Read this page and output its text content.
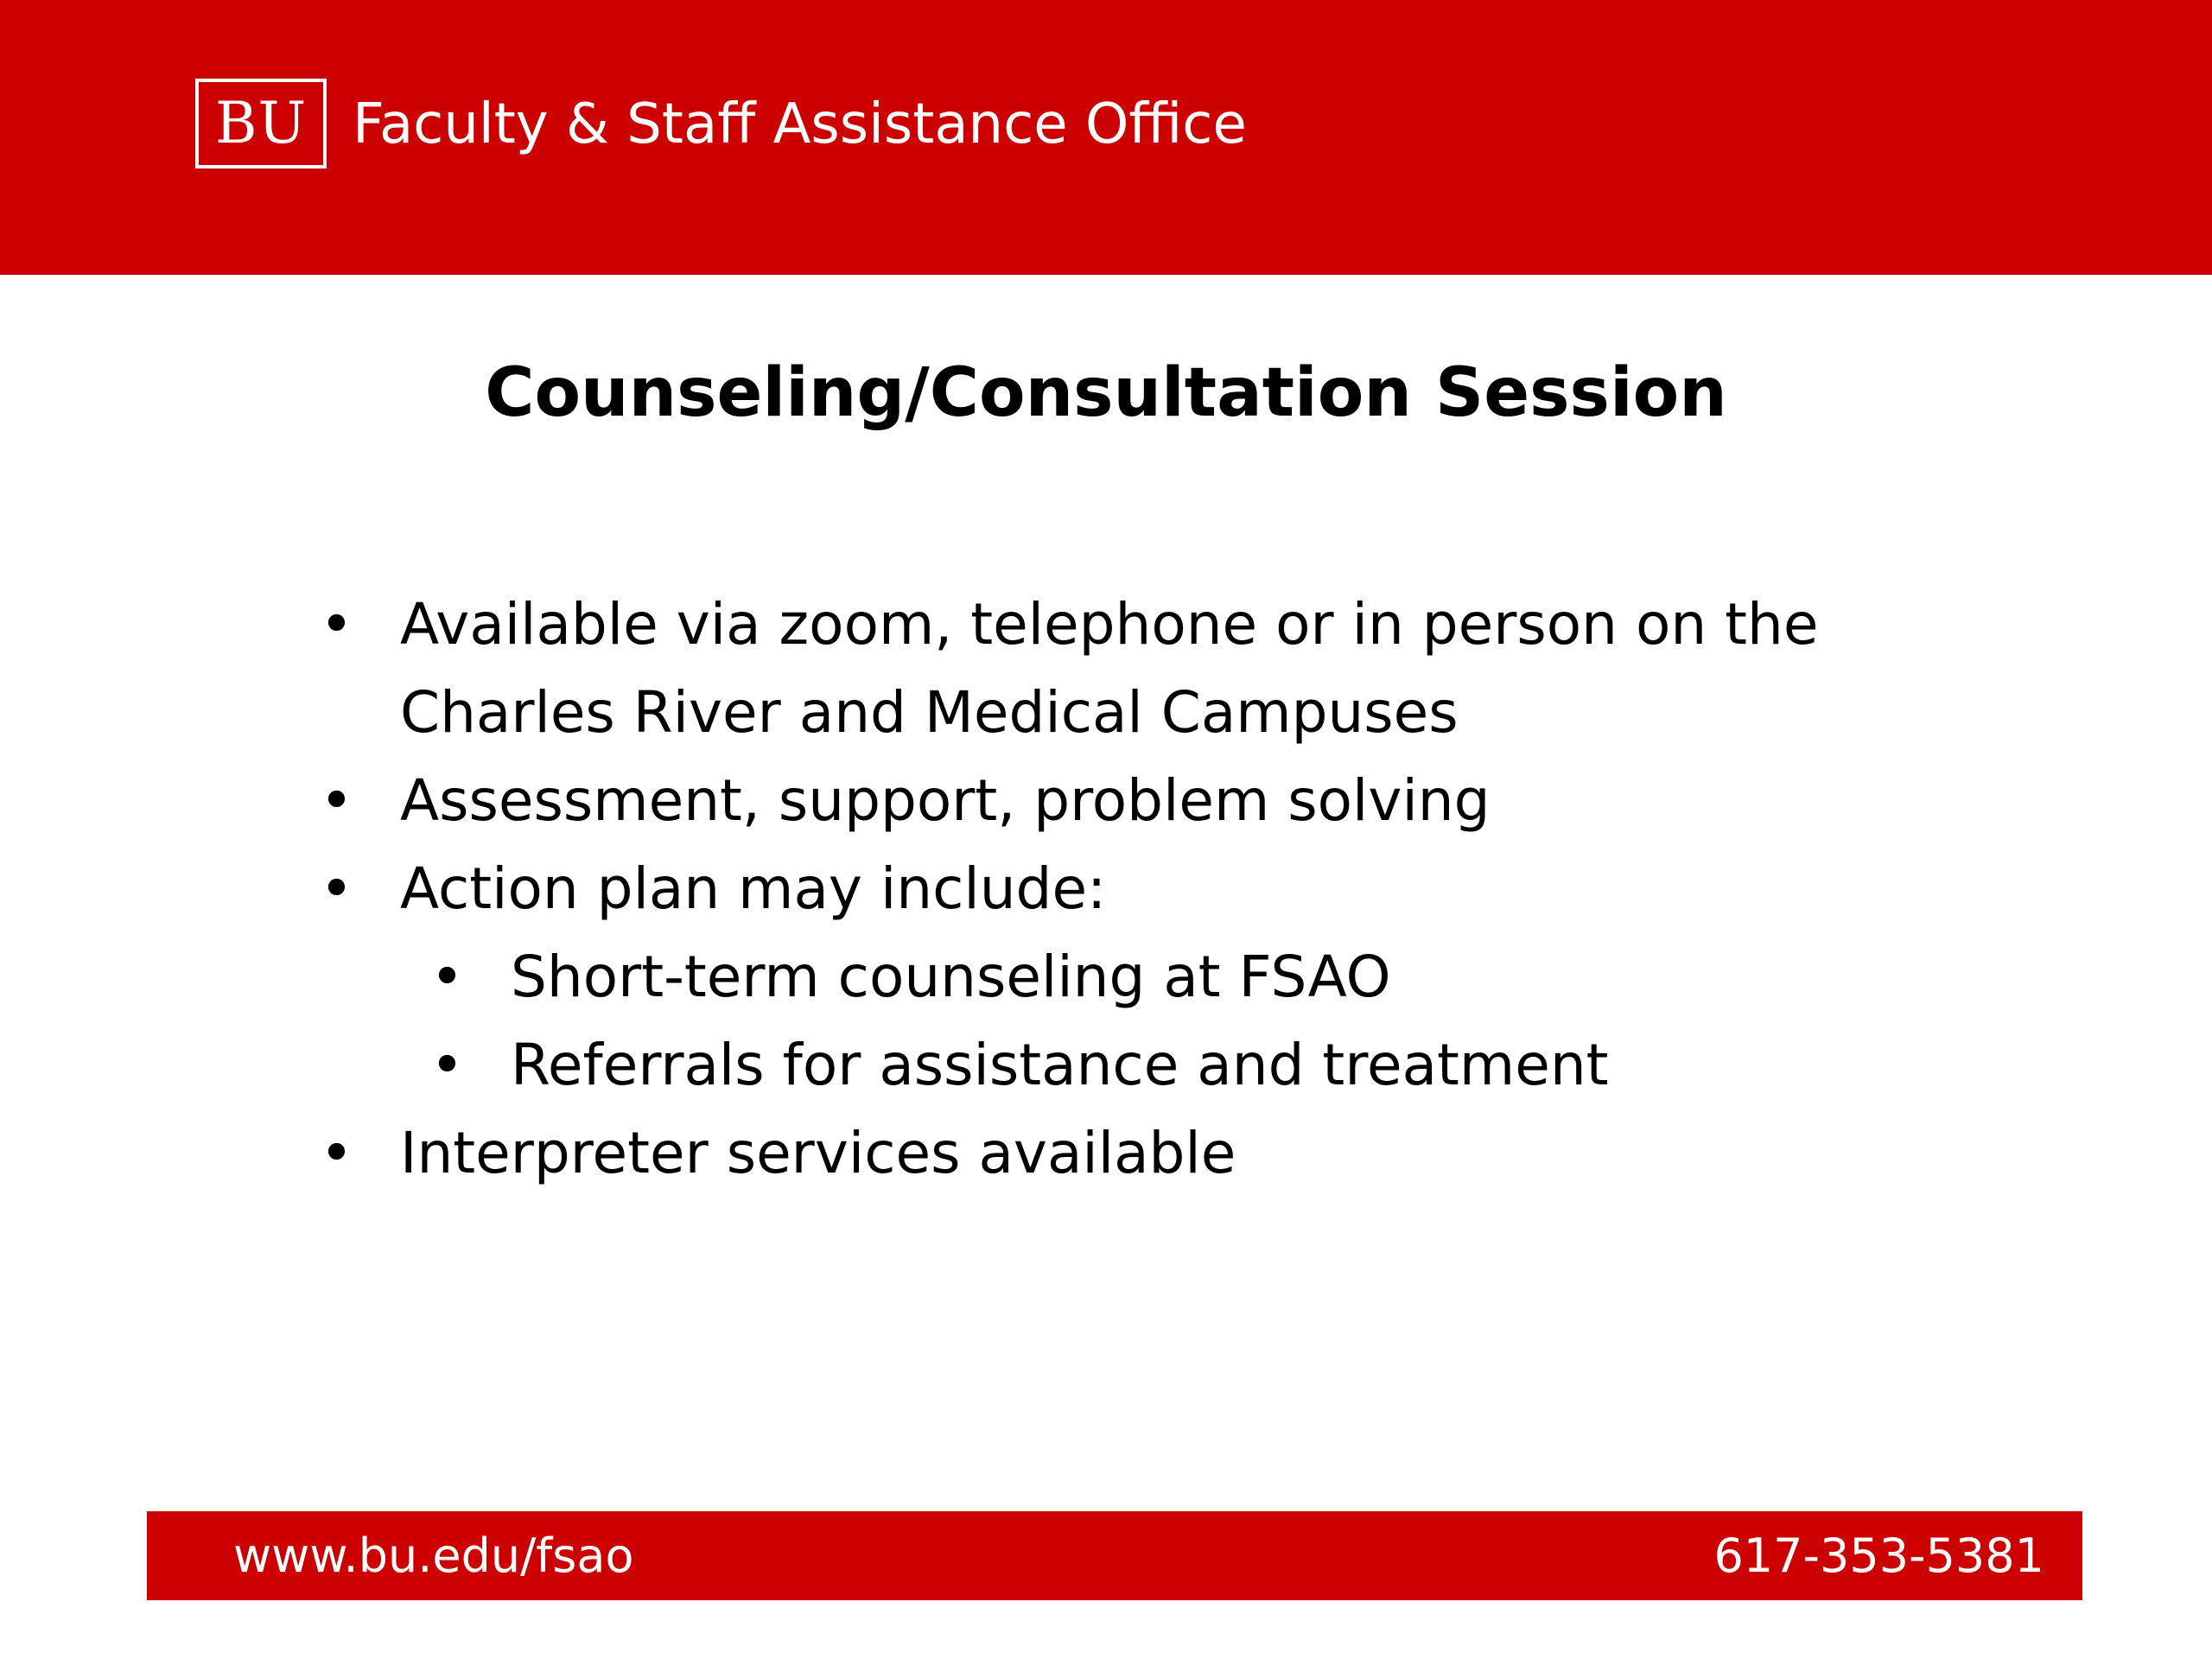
BU Faculty & Staff Assistance Office
Counseling/Consultation Session
• Available via zoom, telephone or in person on the
Charles River and Medical Campuses
• Assessment, support, problem solving
• Action plan may include:
• Short-term counseling at FSAO
• Referrals for assistance and treatment
• Interpreter services available
www.bu.edu/fsao	617-353-5381
